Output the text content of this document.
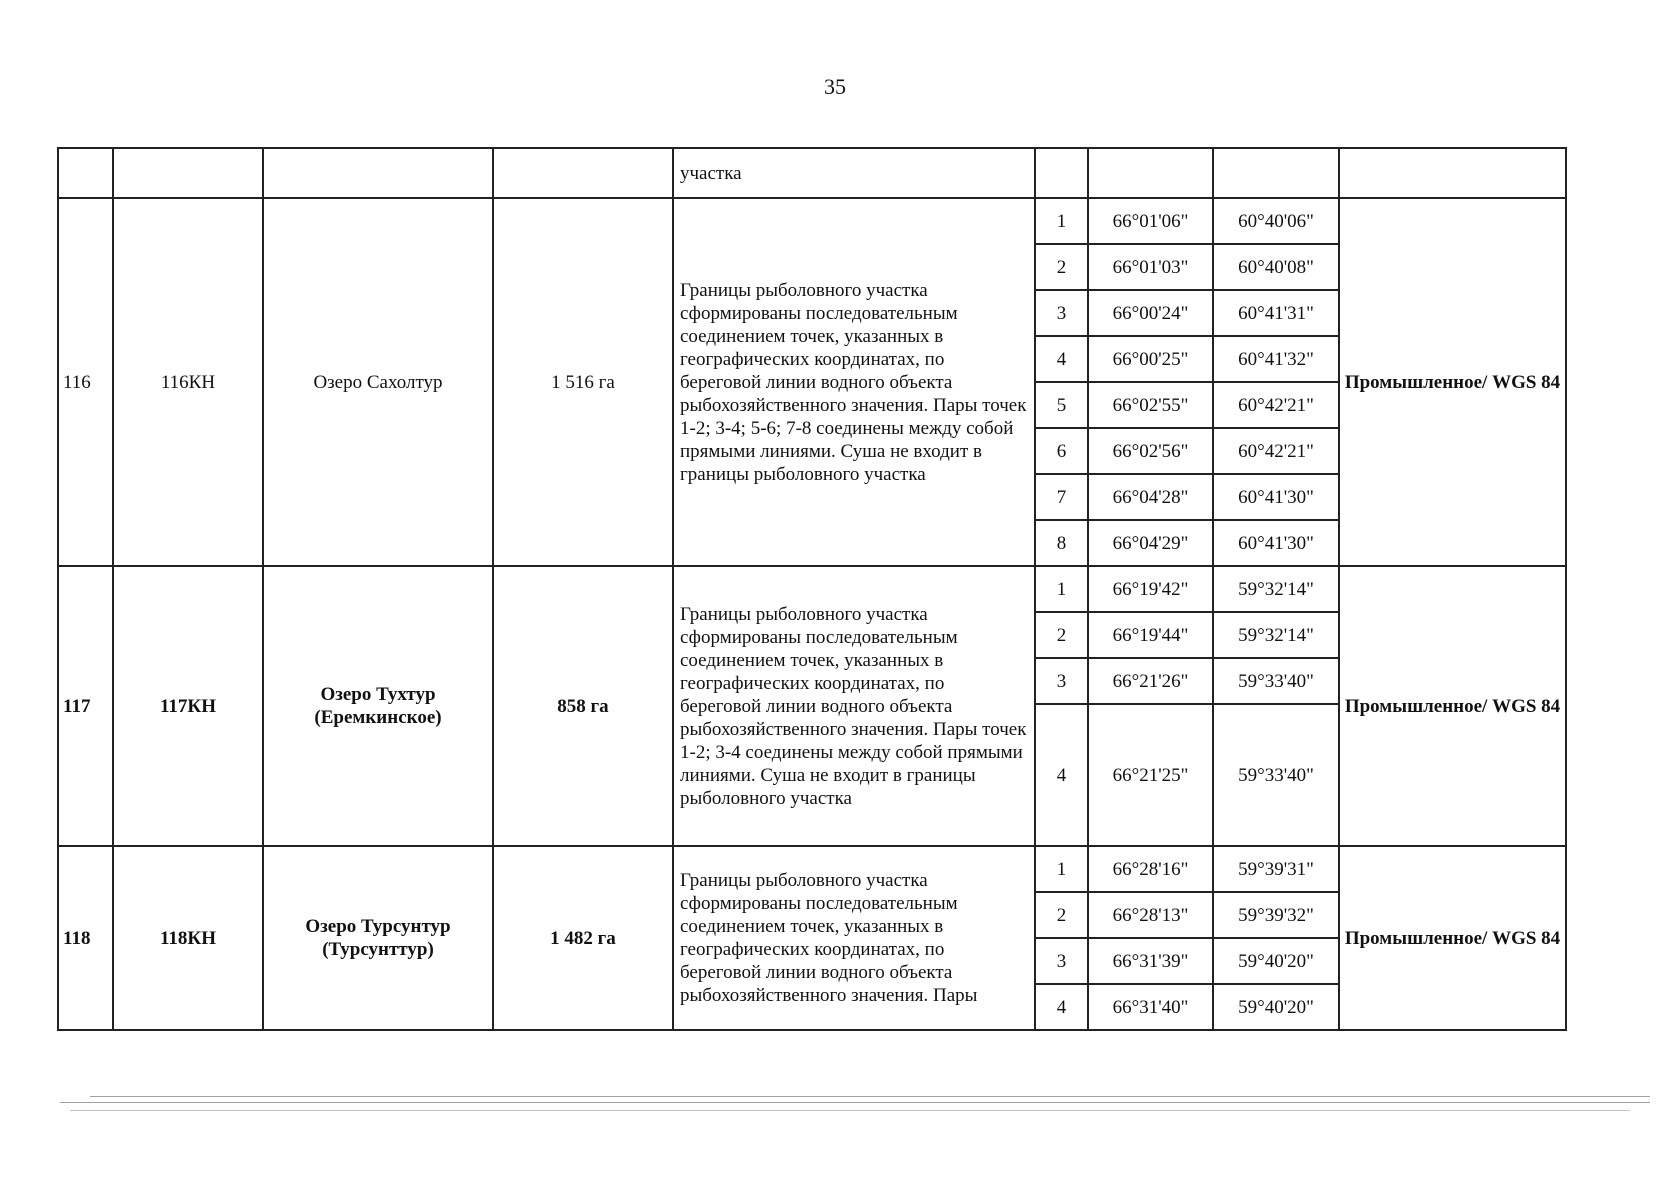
35
				участка				
116	116КН	Озеро Сахолтур	1 516 га	Границы рыболовного участка сформированы последовательным соединением точек, указанных в географических координатах, по береговой линии водного объекта рыбохозяйственного значения. Пары точек 1-2; 3-4; 5-6; 7-8 соединены между собой прямыми линиями. Суша не входит в границы рыболовного участка	1	66°01'06"	60°40'06"	Промышленное/ WGS 84
					2	66°01'03"	60°40'08"	
					3	66°00'24"	60°41'31"	
					4	66°00'25"	60°41'32"	
					5	66°02'55"	60°42'21"	
					6	66°02'56"	60°42'21"	
					7	66°04'28"	60°41'30"	
					8	66°04'29"	60°41'30"	
117	117КН	Озеро Тухтур (Еремкинское)	858 га	Границы рыболовного участка сформированы последовательным соединением точек, указанных в географических координатах, по береговой линии водного объекта рыбохозяйственного значения. Пары точек 1-2; 3-4 соединены между собой прямыми линиями. Суша не входит в границы рыболовного участка	1	66°19'42"	59°32'14"	Промышленное/ WGS 84
					2	66°19'44"	59°32'14"	
					3	66°21'26"	59°33'40"	
					4	66°21'25"	59°33'40"	
118	118КН	Озеро Турсунтур (Турсунттур)	1 482 га	Границы рыболовного участка сформированы последовательным соединением точек, указанных в географических координатах, по береговой линии водного объекта рыбохозяйственного значения. Пары	1	66°28'16"	59°39'31"	Промышленное/ WGS 84
					2	66°28'13"	59°39'32"	
					3	66°31'39"	59°40'20"	
					4	66°31'40"	59°40'20"	
